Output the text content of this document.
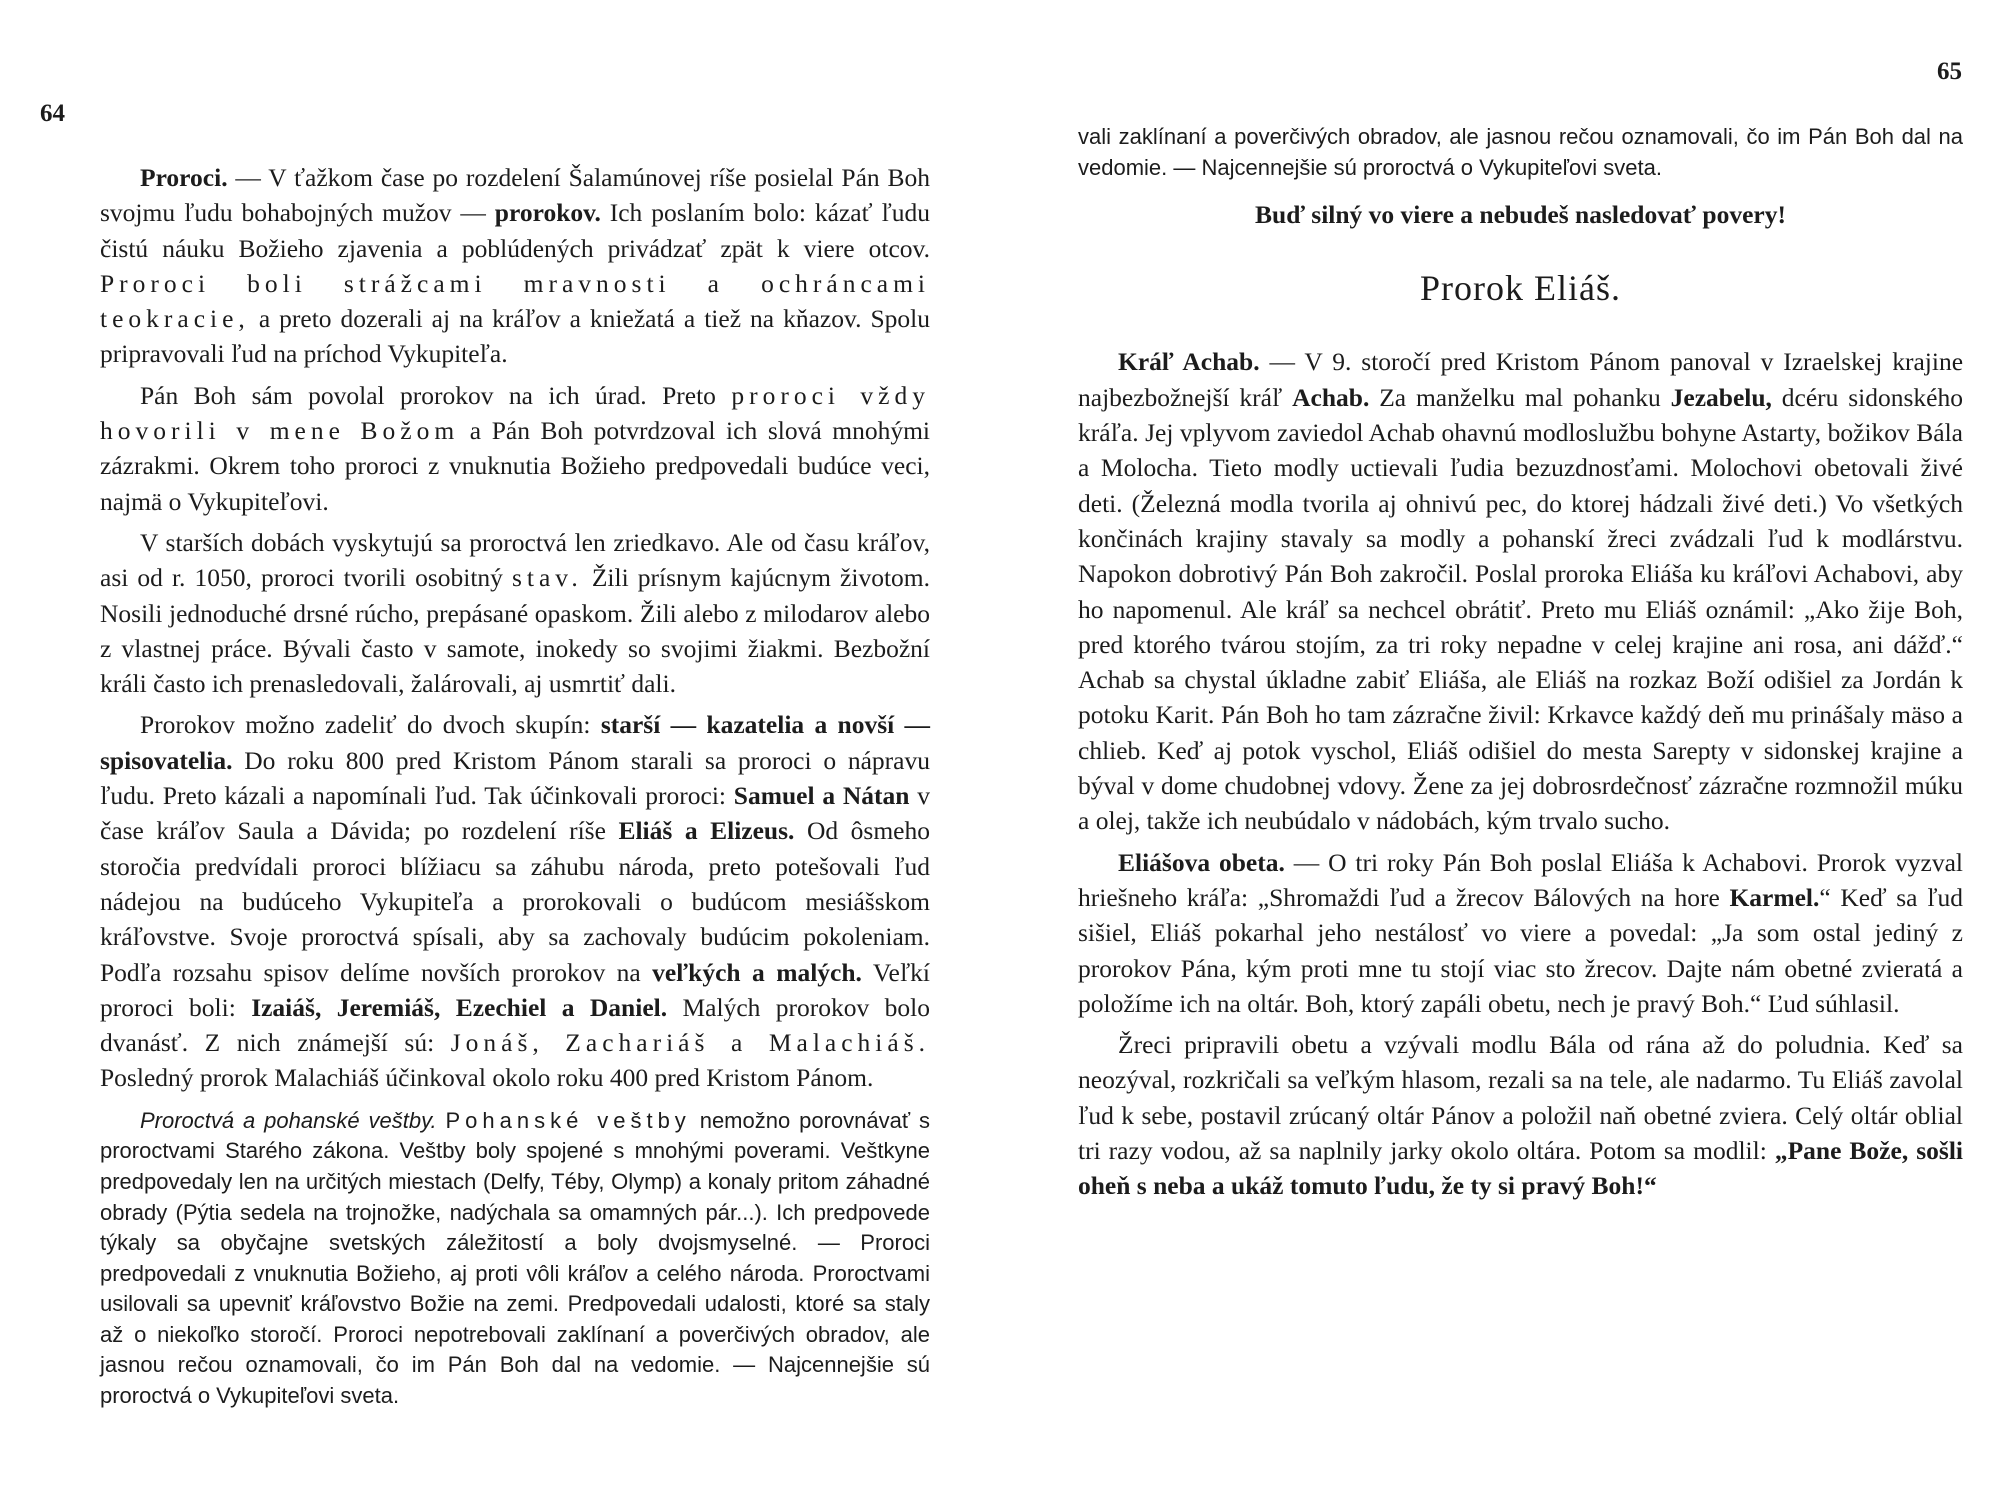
64

Proroci. — V ťažkom čase po rozdelení Šalamúnovej ríše posielal Pán Boh svojmu ľudu bohabojných mužov — prorokov. Ich poslaním bolo: kázať ľudu čistú náuku Božieho zjavenia a poblúdených privádzať zpät k viere otcov. Proroci boli strážcami mravnosti a ochráncami teokracie, a preto dozerali aj na kráľov a kniežatá a tiež na kňazov. Spolu pripravovali ľud na príchod Vykupiteľa.

Pán Boh sám povolal prorokov na ich úrad. Preto proroci vždy hovorili v mene Božom a Pán Boh potvrdzoval ich slová mnohými zázrakmi. Okrem toho proroci z vnuknutia Božieho predpovedali budúce veci, najmä o Vykupiteľovi.

V starších dobách vyskytujú sa proroctvá len zriedkavo. Ale od času kráľov, asi od r. 1050, proroci tvorili osobitný stav. Žili prísnym kajúcnym životom. Nosili jednoduché drsné rúcho, prepásané opaskom. Žili alebo z milodarov alebo z vlastnej práce. Bývali často v samote, inokedy so svojimi žiakmi. Bezbožní králi často ich prenasledovali, žalárovali, aj usmrtiť dali.

Prorokov možno zadeliť do dvoch skupín: starší — kazatelia a novší — spisovatelia. Do roku 800 pred Kristom Pánom starali sa proroci o nápravu ľudu. Preto kázali a napomínali ľud. Tak účinkovali proroci: Samuel a Nátan v čase kráľov Saula a Dávida; po rozdelení ríše Eliáš a Elizeus. Od ôsmeho storočia predvídali proroci blížiacu sa záhubu národa, preto potešovali ľud nádejou na budúceho Vykupiteľa a prorokovali o budúcom mesiášskom kráľovstve. Svoje proroctvá spísali, aby sa zachovaly budúcim pokoleniam. Podľa rozsahu spisov delíme novších prorokov na veľkých a malých. Veľkí proroci boli: Izaiáš, Jeremiáš, Ezechiel a Daniel. Malých prorokov bolo dvanásť. Z nich známejší sú: Jonáš, Zachariáš a Malachiáš. Posledný prorok Malachiáš účinkoval okolo roku 400 pred Kristom Pánom.

Proroctvá a pohanské veštby. Pohanské veštby nemožno porovnávať s proroctvami Starého zákona. Veštby boly spojené s mnohými poverami. Veštkyne predpovedaly len na určitých miestach (Delfy, Téby, Olymp) a konaly pritom záhadné obrady (Pýtia sedela na trojnožke, nadýchala sa omamných pár...). Ich predpovede týkaly sa obyčajne svetských záležitostí a boly dvojsmyselné. — Proroci predpovedali z vnuknutia Božieho, aj proti vôli kráľov a celého národa. Proroctvami usilovali sa upevniť kráľovstvo Božie na zemi. Predpovedali udalosti, ktoré sa staly až o niekoľko storočí. Proroci nepotrebovali zaklínaní a poverčivých obradov, ale jasnou rečou oznamovali, čo im Pán Boh dal na vedomie. — Najcennejšie sú proroctvá o Vykupiteľovi sveta.

65

vali zaklínaní a poverčivých obradov, ale jasnou rečou oznamovali, čo im Pán Boh dal na vedomie. — Najcennejšie sú proroctvá o Vykupiteľovi sveta.

Buď silný vo viere a nebudeš nasledovať povery!

Prorok Eliáš.

Kráľ Achab. — V 9. storočí pred Kristom Pánom panoval v Izraelskej krajine najbezbožnejší kráľ Achab. Za manželku mal pohanku Jezabelu, dcéru sidonského kráľa. Jej vplyvom zaviedol Achab ohavnú modloslužbu bohyne Astarty, božikov Bála a Molocha. Tieto modly uctievali ľudia bezuzdnosťami. Molochovi obetovali živé deti. (Železná modla tvorila aj ohnivú pec, do ktorej hádzali živé deti.) Vo všetkých končinách krajiny stavaly sa modly a pohanskí žreci zvádzali ľud k modlárstvu. Napokon dobrotivý Pán Boh zakročil. Poslal proroka Eliáša ku kráľovi Achabovi, aby ho napomenul. Ale kráľ sa nechcel obrátiť. Preto mu Eliáš oznámil: „Ako žije Boh, pred ktorého tvárou stojím, za tri roky nepadne v celej krajine ani rosa, ani dážď.“ Achab sa chystal úkladne zabiť Eliáša, ale Eliáš na rozkaz Boží odišiel za Jordán k potoku Karit. Pán Boh ho tam zázračne živil: Krkavce každý deň mu prinášaly mäso a chlieb. Keď aj potok vyschol, Eliáš odišiel do mesta Sarepty v sidonskej krajine a býval v dome chudobnej vdovy. Žene za jej dobrosrdečnosť zázračne rozmnožil múku a olej, takže ich neubúdalo v nádobách, kým trvalo sucho.

Eliášova obeta. — O tri roky Pán Boh poslal Eliáša k Achabovi. Prorok vyzval hriešneho kráľa: „Shromaždi ľud a žrecov Bálových na hore Karmel.“ Keď sa ľud sišiel, Eliáš pokarhal jeho nestálosť vo viere a povedal: „Ja som ostal jediný z prorokov Pána, kým proti mne tu stojí viac sto žrecov. Dajte nám obetné zvieratá a položíme ich na oltár. Boh, ktorý zapáli obetu, nech je pravý Boh.“ Ľud súhlasil.

Žreci pripravili obetu a vzývali modlu Bála od rána až do poludnia. Keď sa neozýval, rozkričali sa veľkým hlasom, rezali sa na tele, ale nadarmo. Tu Eliáš zavolal ľud k sebe, postavil zrúcaný oltár Pánov a položil naň obetné zviera. Celý oltár oblial tri razy vodou, až sa naplnily jarky okolo oltára. Potom sa modlil: „Pane Bože, sošli oheň s neba a ukáž tomuto ľudu, že ty si pravý Boh!“
